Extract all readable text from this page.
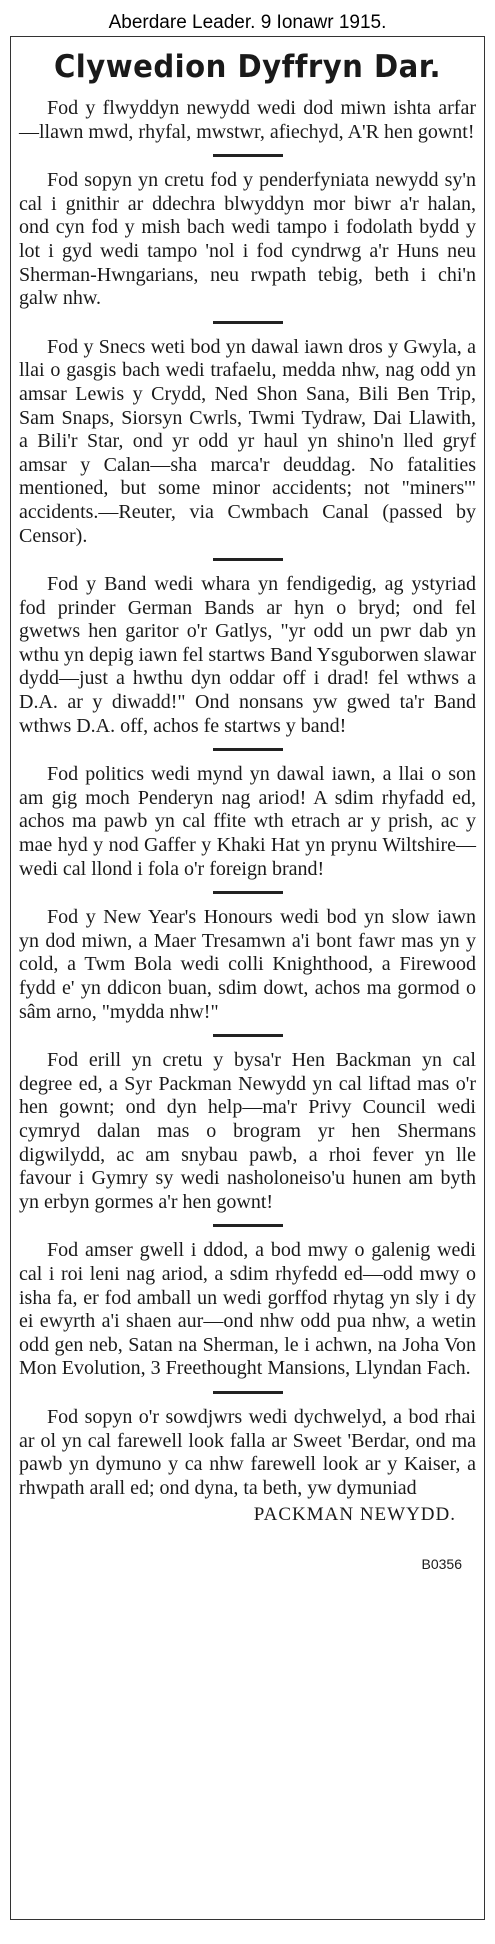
Aberdare Leader. 9 Ionawr 1915.
Clywedion Dyffryn Dar.

Fod y flwyddyn newydd wedi dod miwn ishta arfar—llawn mwd, rhyfal, mwstwr, afiechyd, A'R hen gownt!

Fod sopyn yn cretu fod y penderfyniata newydd sy'n cal i gnithir ar ddechra blwyddyn mor biwr a'r halan, ond cyn fod y mish bach wedi tampo i fodolath bydd y lot i gyd wedi tampo 'nol i fod cyndrwg a'r Huns neu Sherman-Hwngarians, neu rwpath tebig, beth i chi'n galw nhw.

Fod y Snecs weti bod yn dawal iawn dros y Gwyla, a llai o gasgis bach wedi trafaelu, medda nhw, nag odd yn amsar Lewis y Crydd, Ned Shon Sana, Bili Ben Trip, Sam Snaps, Siorsyn Cwrls, Twmi Tydraw, Dai Llawith, a Bili'r Star, ond yr odd yr haul yn shino'n lled gryf amsar y Calan—sha marca'r deuddag. No fatalities mentioned, but some minor accidents; not "miners'" accidents.—Reuter, via Cwmbach Canal (passed by Censor).

Fod y Band wedi whara yn fendigedig, ag ystyriad fod prinder German Bands ar hyn o bryd; ond fel gwetws hen garitor o'r Gatlys, "yr odd un pwr dab yn wthu yn depig iawn fel startws Band Ysguborwen slawar dydd—just a hwthu dyn oddar off i drad! fel wthws a D.A. ar y diwadd!" Ond nonsans yw gwed ta'r Band wthws D.A. off, achos fe startws y band!

Fod politics wedi mynd yn dawal iawn, a llai o son am gig moch Penderyn nag ariod! A sdim rhyfadd ed, achos ma pawb yn cal ffite wth etrach ar y prish, ac y mae hyd y nod Gaffer y Khaki Hat yn prynu Wiltshire—wedi cal llond i fola o'r foreign brand!

Fod y New Year's Honours wedi bod yn slow iawn yn dod miwn, a Maer Tresamwn a'i bont fawr mas yn y cold, a Twm Bola wedi colli Knighthood, a Firewood fydd e' yn ddicon buan, sdim dowt, achos ma gormod o sâm arno, "mydda nhw!"

Fod erill yn cretu y bysa'r Hen Backman yn cal degree ed, a Syr Packman Newydd yn cal liftad mas o'r hen gownt; ond dyn help—ma'r Privy Council wedi cymryd dalan mas o brogram yr hen Shermans digwilydd, ac am snybau pawb, a rhoi fever yn lle favour i Gymry sy wedi nasholoneiso'u hunen am byth yn erbyn gormes a'r hen gownt!

Fod amser gwell i ddod, a bod mwy o galenig wedi cal i roi leni nag ariod, a sdim rhyfedd ed—odd mwy o isha fa, er fod amball un wedi gorffod rhytag yn sly i dy ei ewyrth a'i shaen aur—ond nhw odd pua nhw, a wetin odd gen neb, Satan na Sherman, le i achwn, na Joha Von Mon Evolution, 3 Freethought Mansions, Llyndan Fach.

Fod sopyn o'r sowdjwrs wedi dychwelyd, a bod rhai ar ol yn cal farewell look falla ar Sweet 'Berdar, ond ma pawb yn dymuno y ca nhw farewell look ar y Kaiser, a rhwpath arall ed; ond dyna, ta beth, yw dymuniad

PACKMAN NEWYDD.
B0356
